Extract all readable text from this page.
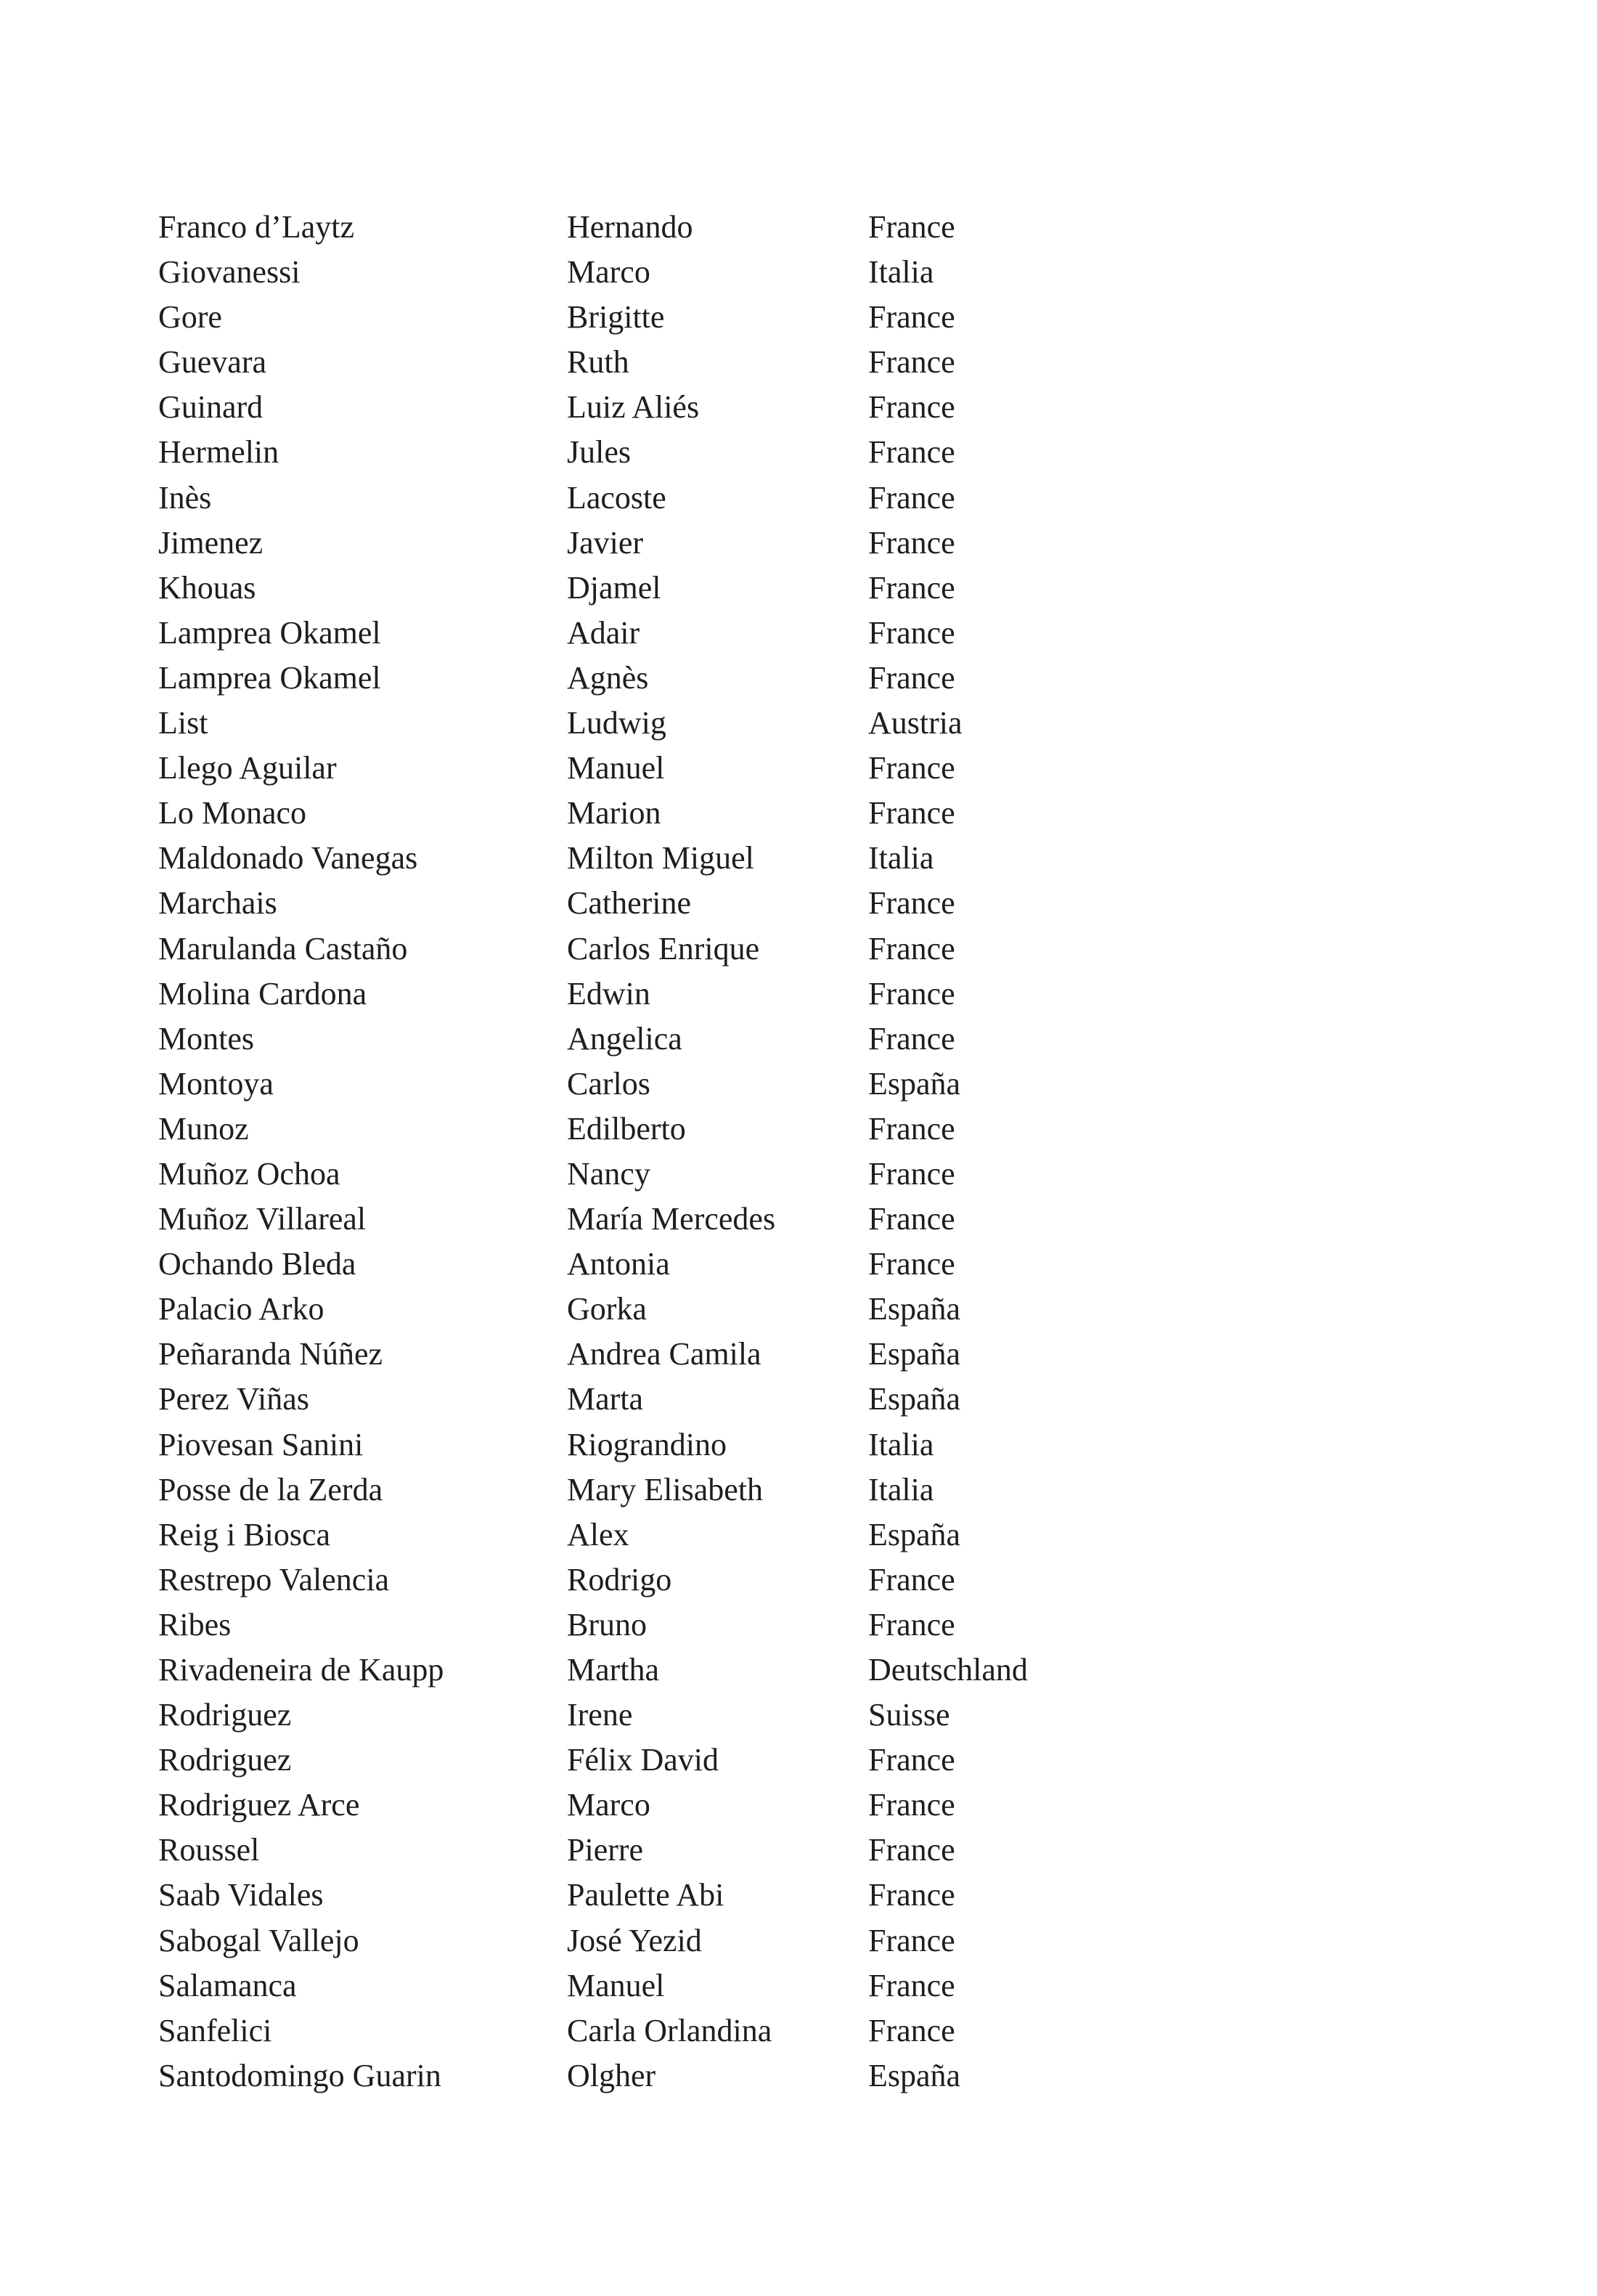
Franco d’Laytz	Hernando	France
Giovanessi	Marco	Italia
Gore	Brigitte	France
Guevara	Ruth	France
Guinard	Luiz Aliés	France
Hermelin	Jules	France
Inès	Lacoste	France
Jimenez	Javier	France
Khouas	Djamel	France
Lamprea Okamel	Adair	France
Lamprea Okamel	Agnès	France
List	Ludwig	Austria
Llego Aguilar	Manuel	France
Lo Monaco	Marion	France
Maldonado Vanegas	Milton Miguel	Italia
Marchais	Catherine	France
Marulanda Castaño	Carlos Enrique	France
Molina Cardona	Edwin	France
Montes	Angelica	France
Montoya	Carlos	España
Munoz	Edilberto	France
Muñoz Ochoa	Nancy	France
Muñoz Villareal	María Mercedes	France
Ochando Bleda	Antonia	France
Palacio Arko	Gorka	España
Peñaranda Núñez	Andrea Camila	España
Perez Viñas	Marta	España
Piovesan Sanini	Riograndino	Italia
Posse de la Zerda	Mary Elisabeth	Italia
Reig i Biosca	Alex	España
Restrepo Valencia	Rodrigo	France
Ribes	Bruno	France
Rivadeneira de Kaupp	Martha	Deutschland
Rodriguez	Irene	Suisse
Rodriguez	Félix David	France
Rodriguez Arce	Marco	France
Roussel	Pierre	France
Saab Vidales	Paulette Abi	France
Sabogal Vallejo	José Yezid	France
Salamanca	Manuel	France
Sanfelici	Carla Orlandina	France
Santodomingo Guarin	Olgher	España
